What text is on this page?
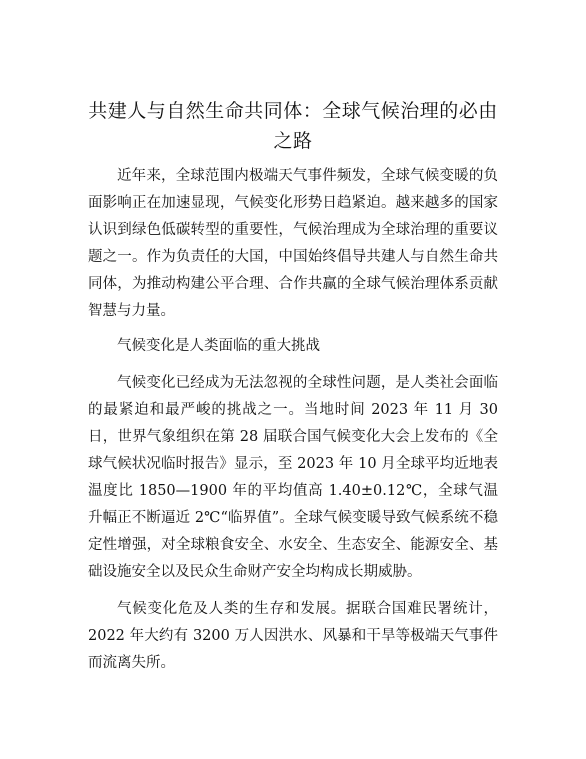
共建人与自然生命共同体：全球气候治理的必由之路

近年来，全球范围内极端天气事件频发，全球气候变暖的负面影响正在加速显现，气候变化形势日趋紧迫。越来越多的国家认识到绿色低碳转型的重要性，气候治理成为全球治理的重要议题之一。作为负责任的大国，中国始终倡导共建人与自然生命共同体，为推动构建公平合理、合作共赢的全球气候治理体系贡献智慧与力量。

气候变化是人类面临的重大挑战

气候变化已经成为无法忽视的全球性问题，是人类社会面临的最紧迫和最严峻的挑战之一。当地时间 2023 年 11 月 30 日，世界气象组织在第 28 届联合国气候变化大会上发布的《全球气候状况临时报告》显示，至 2023 年 10 月全球平均近地表温度比 1850—1900 年的平均值高 1.40±0.12℃，全球气温升幅正不断逼近 2℃“临界值”。全球气候变暖导致气候系统不稳定性增强，对全球粮食安全、水安全、生态安全、能源安全、基础设施安全以及民众生命财产安全均构成长期威胁。

气候变化危及人类的生存和发展。据联合国难民署统计，2022 年大约有 3200 万人因洪水、风暴和干旱等极端天气事件而流离失所。
